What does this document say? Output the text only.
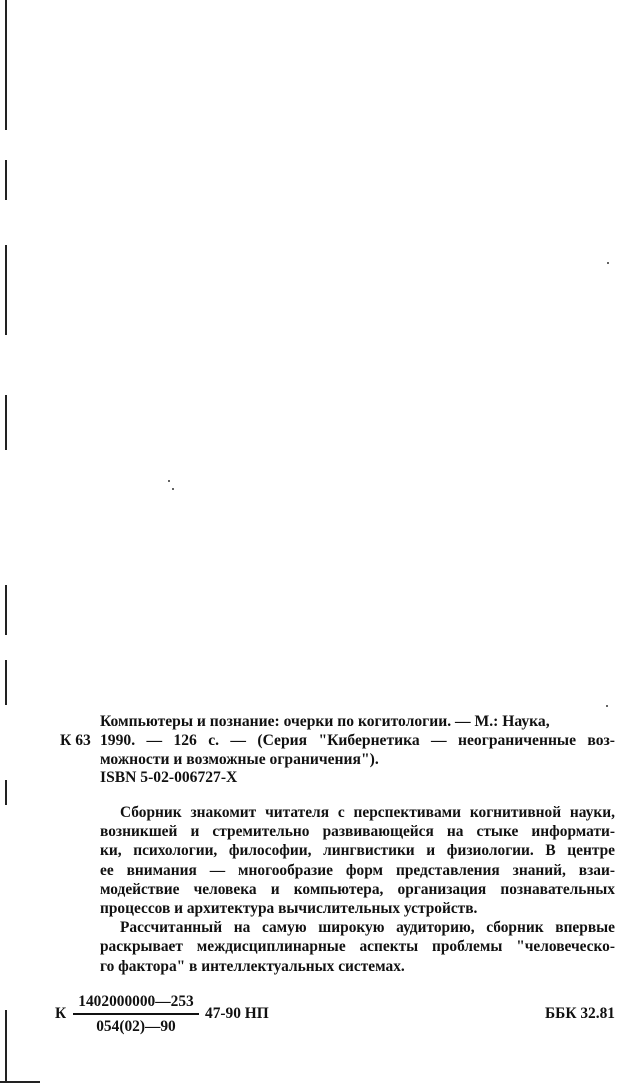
Компьютеры и познание: очерки по когитологии. — М.: Наука,
К 63 1990. — 126 с. — (Серия "Кибернетика — неограниченные воз-
можности и возможные ограничения").
ISBN 5-02-006727-X
Сборник знакомит читателя с перспективами когнитивной науки,
возникшей и стремительно развивающейся на стыке информати-
ки, психологии, философии, лингвистики и физиологии. В центре
ее внимания — многообразие форм представления знаний, взаи-
модействие человека и компьютера, организация познавательных
процессов и архитектура вычислительных устройств.
Рассчитанный на самую широкую аудиторию, сборник впервые
раскрывает междисциплинарные аспекты проблемы "человеческо-
го фактора" в интеллектуальных системах.
К
1402000000—253
054(02)—90
47-90 НП	ББК 32.81
